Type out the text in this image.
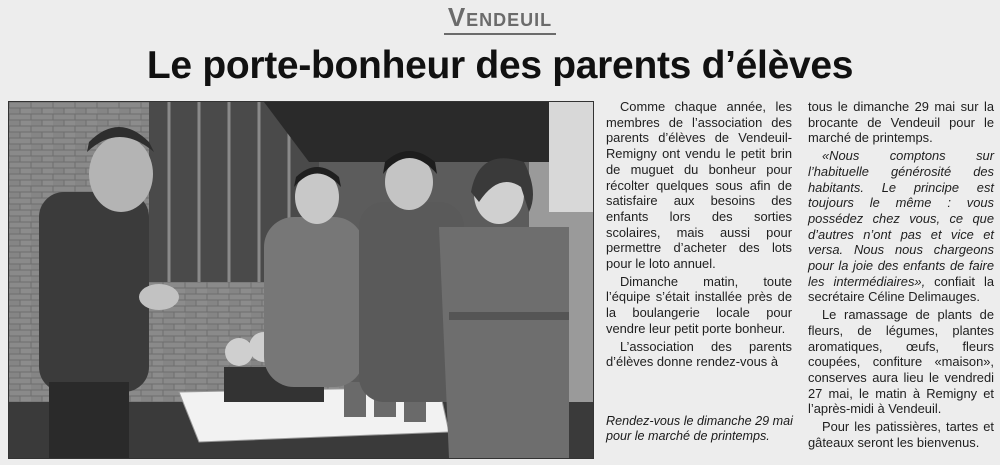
Vendeuil
Le porte-bonheur des parents d’élèves
Rendez-vous le dimanche 29 mai pour le marché de printemps.

Comme chaque année, les membres de l’association des parents d’élèves de Vendeuil-Remigny ont vendu le petit brin de muguet du bonheur pour récolter quelques sous afin de satisfaire aux besoins des enfants lors des sorties scolaires, mais aussi pour permettre d’acheter des lots pour le loto annuel.

Dimanche matin, toute l’équipe s’était installée près de la boulangerie locale pour vendre leur petit porte bonheur.

L’association des parents d’élèves donne rendez-vous à

tous le dimanche 29 mai sur la brocante de Vendeuil pour le marché de printemps.

«Nous comptons sur l’habituelle générosité des habitants. Le principe est toujours le même : vous possédez chez vous, ce que d’autres n’ont pas et vice et versa. Nous nous chargeons pour la joie des enfants de faire les intermédiaires», confiait la secrétaire Céline Delimauges.

Le ramassage de plants de fleurs, de légumes, plantes aromatiques, œufs, fleurs coupées, confiture «maison», conserves aura lieu le vendredi 27 mai, le matin à Remigny et l’après-midi à Vendeuil.

Pour les patissières, tartes et gâteaux seront les bienvenus.
